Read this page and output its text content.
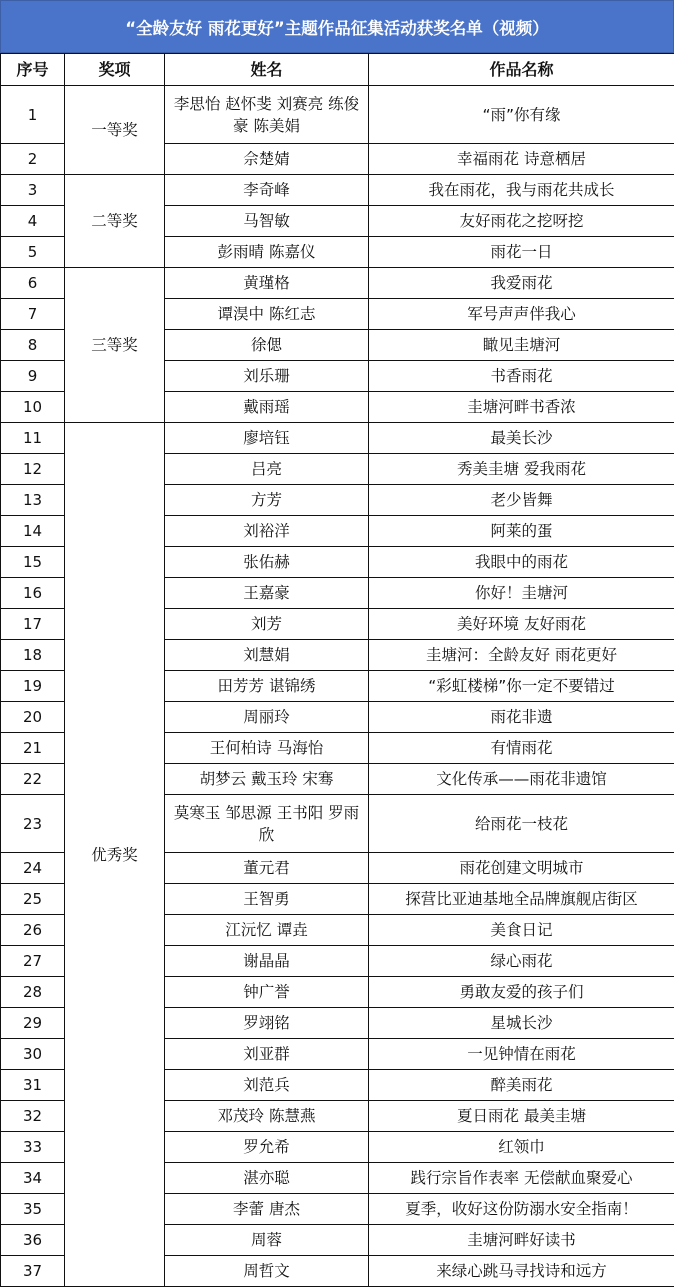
“全龄友好 雨花更好”主题作品征集活动获奖名单（视频）
序号	奖项	姓名	作品名称
1	一等奖	李思怡 赵怀斐 刘赛亮 练俊豪 陈美娟	“雨”你有缘
2		佘楚婧	幸福雨花 诗意栖居
3	二等奖	李奇峰	我在雨花，我与雨花共成长
4		马智敏	友好雨花之挖呀挖
5		彭雨晴 陈嘉仪	雨花一日
6	三等奖	黄瑾格	我爱雨花
7		谭淏中 陈红志	军号声声伴我心
8		徐偲	瞰见圭塘河
9		刘乐珊	书香雨花
10		戴雨瑶	圭塘河畔书香浓
11	优秀奖	廖培钰	最美长沙
12		吕亮	秀美圭塘 爱我雨花
13		方芳	老少皆舞
14		刘裕洋	阿莱的蛋
15		张佑赫	我眼中的雨花
16		王嘉豪	你好！圭塘河
17		刘芳	美好环境 友好雨花
18		刘慧娟	圭塘河：全龄友好 雨花更好
19		田芳芳 谌锦绣	“彩虹楼梯”你一定不要错过
20		周丽玲	雨花非遗
21		王何柏诗 马海怡	有情雨花
22		胡梦云 戴玉玲 宋骞	文化传承——雨花非遗馆
23		莫寒玉 邹思源 王书阳 罗雨欣	给雨花一枝花
24		董元君	雨花创建文明城市
25		王智勇	探营比亚迪基地全品牌旗舰店街区
26		江沅忆 谭垚	美食日记
27		谢晶晶	绿心雨花
28		钟广誉	勇敢友爱的孩子们
29		罗翊铭	星城长沙
30		刘亚群	一见钟情在雨花
31		刘范兵	醉美雨花
32		邓茂玲 陈慧燕	夏日雨花 最美圭塘
33		罗允希	红领巾
34		湛亦聪	践行宗旨作表率 无偿献血聚爱心
35		李蕾 唐杰	夏季，收好这份防溺水安全指南！
36		周蓉	圭塘河畔好读书
37		周哲文	来绿心跳马寻找诗和远方
